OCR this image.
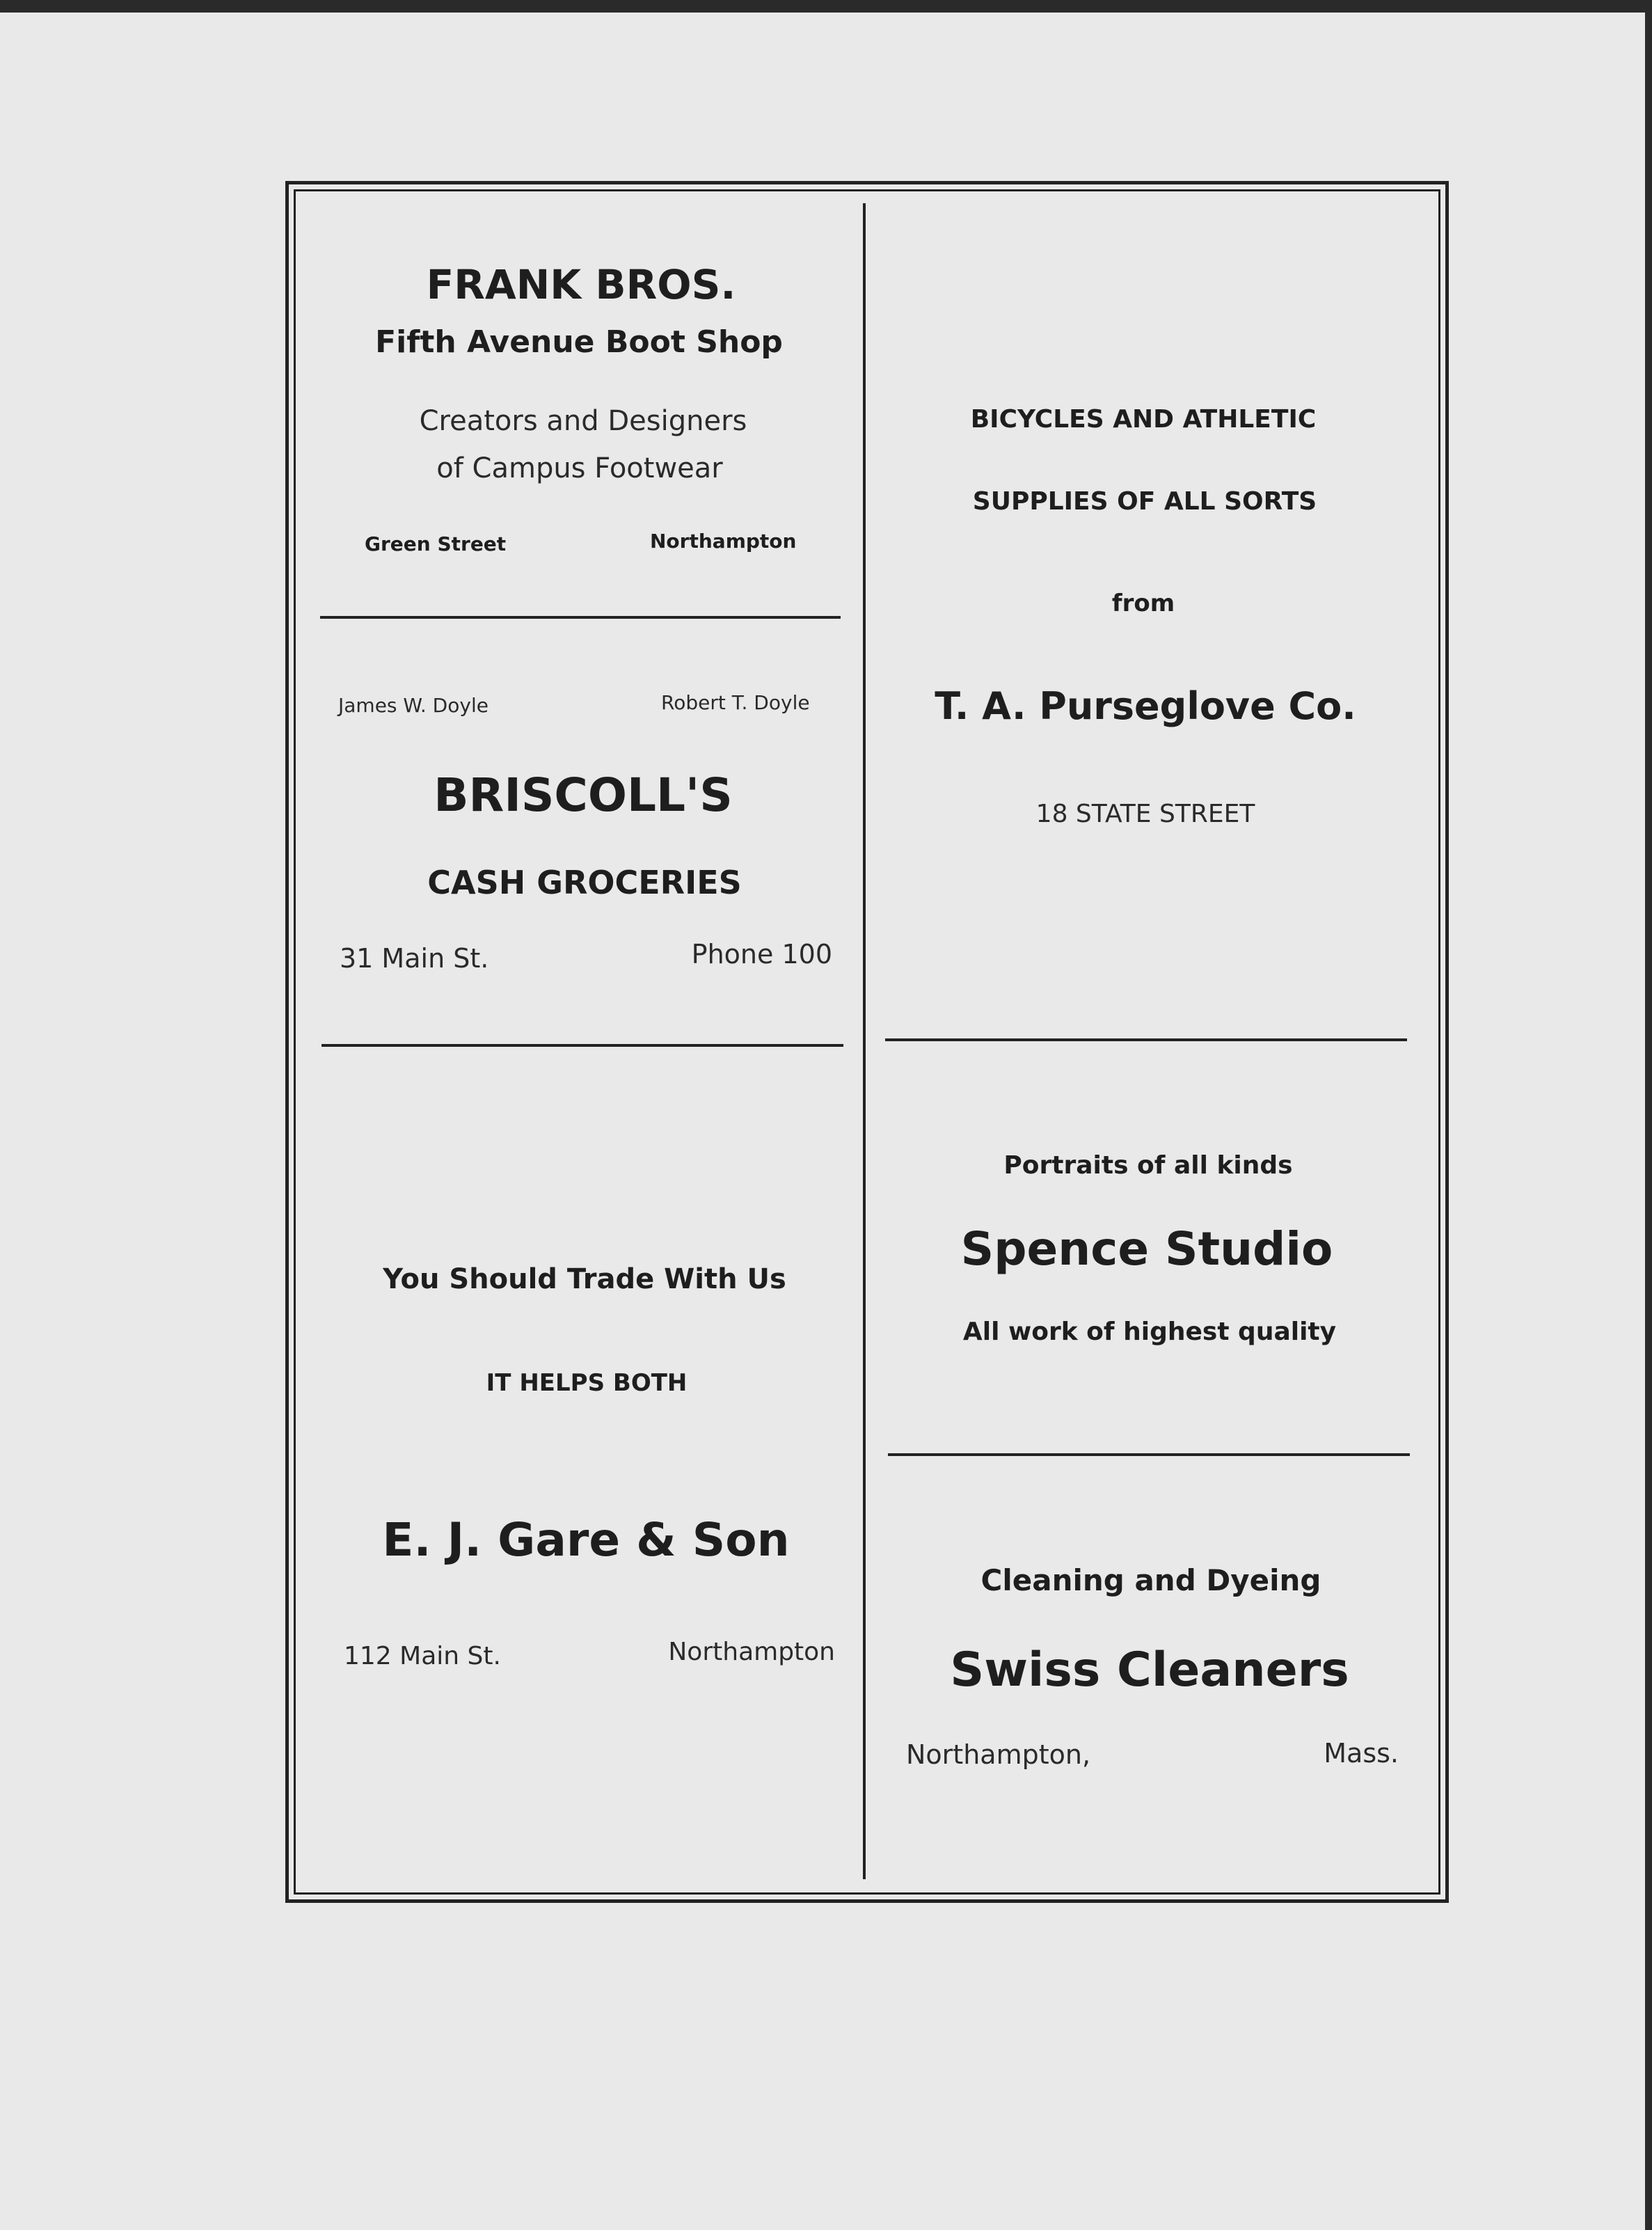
FRANK BROS.
Fifth Avenue Boot Shop
Creators and Designers
of Campus Footwear
Green Street	Northampton
James W. Doyle	Robert T. Doyle
BRISCOLL'S
CASH GROCERIES
31 Main St.	Phone 100
You Should Trade With Us
IT HELPS BOTH
E. J. Gare & Son
112 Main St.	Northampton
BICYCLES AND ATHLETIC
SUPPLIES OF ALL SORTS
from
T. A. Purseglove Co.
18 STATE STREET
Portraits of all kinds
Spence Studio
All work of highest quality
Cleaning and Dyeing
Swiss Cleaners
Northampton,	Mass.
